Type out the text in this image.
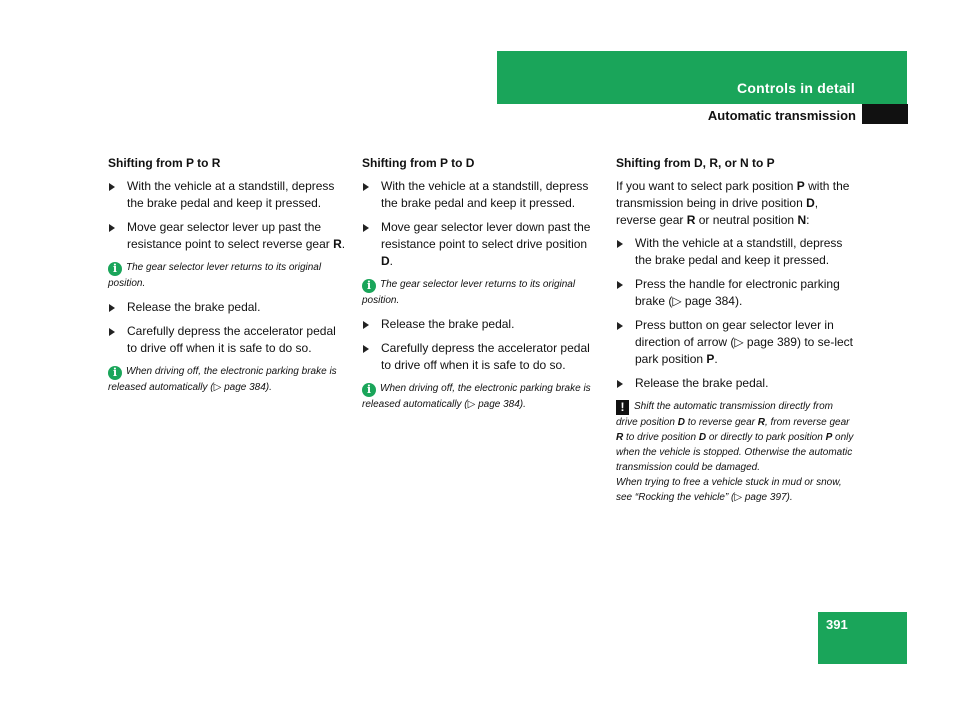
Controls in detail
Automatic transmission
Shifting from P to R
With the vehicle at a standstill, depress the brake pedal and keep it pressed.
Move gear selector lever up past the resistance point to select reverse gear R.
i The gear selector lever returns to its original position.
Release the brake pedal.
Carefully depress the accelerator pedal to drive off when it is safe to do so.
i When driving off, the electronic parking brake is released automatically (▷ page 384).
Shifting from P to D
With the vehicle at a standstill, depress the brake pedal and keep it pressed.
Move gear selector lever down past the resistance point to select drive position D.
i The gear selector lever returns to its original position.
Release the brake pedal.
Carefully depress the accelerator pedal to drive off when it is safe to do so.
i When driving off, the electronic parking brake is released automatically (▷ page 384).
Shifting from D, R, or N to P
If you want to select park position P with the transmission being in drive position D, reverse gear R or neutral position N:
With the vehicle at a standstill, depress the brake pedal and keep it pressed.
Press the handle for electronic parking brake (▷ page 384).
Press button on gear selector lever in direction of arrow (▷ page 389) to se-lect park position P.
Release the brake pedal.
! Shift the automatic transmission directly from drive position D to reverse gear R, from reverse gear R to drive position D or directly to park position P only when the vehicle is stopped. Otherwise the automatic transmission could be damaged.
When trying to free a vehicle stuck in mud or snow, see “Rocking the vehicle” (▷ page 397).
391
